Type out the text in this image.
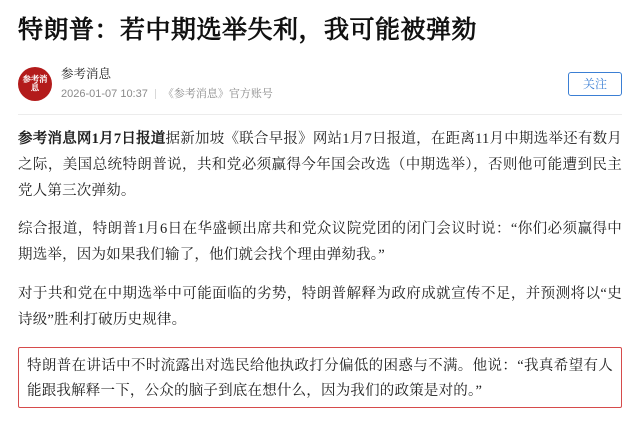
特朗普：若中期选举失利，我可能被弹劾
参考消息
参考消息
2026-01-07 10:37 《参考消息》官方账号
关注

参考消息网1月7日报道据新加坡《联合早报》网站1月7日报道，在距离11月中期选举还有数月之际，美国总统特朗普说，共和党必须赢得今年国会改选（中期选举），否则他可能遭到民主党人第三次弹劾。

综合报道，特朗普1月6日在华盛顿出席共和党众议院党团的闭门会议时说：“你们必须赢得中期选举，因为如果我们输了，他们就会找个理由弹劾我。”

对于共和党在中期选举中可能面临的劣势，特朗普解释为政府成就宣传不足，并预测将以“史诗级”胜利打破历史规律。

特朗普在讲话中不时流露出对选民给他执政打分偏低的困惑与不满。他说：“我真希望有人能跟我解释一下，公众的脑子到底在想什么，因为我们的政策是对的。”
